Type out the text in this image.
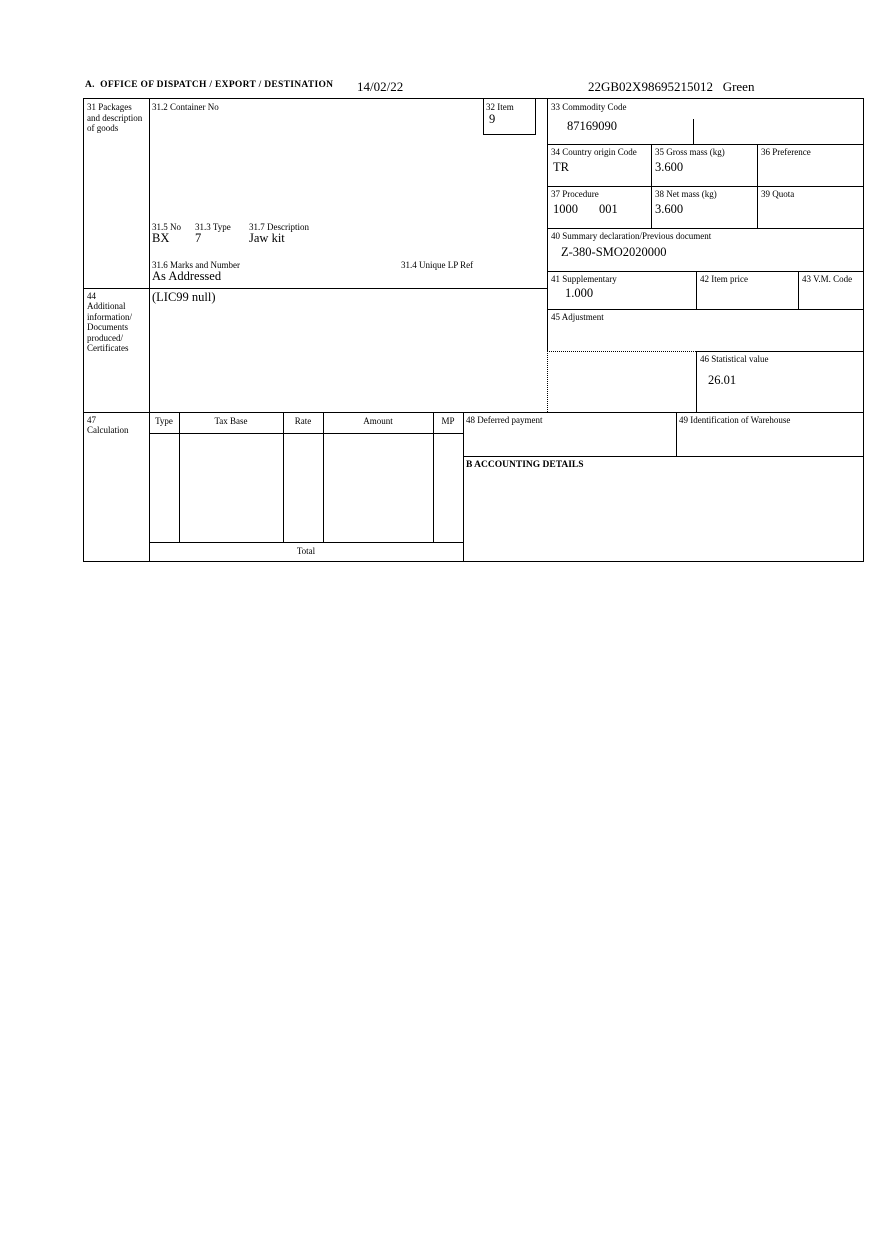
A.  OFFICE OF DISPATCH / EXPORT / DESTINATION 14/02/22	22GB02X98695215012   Green
31 Packages and description of goods
31.2 Container No	32 Item
9
33 Commodity Code
87169090
34 Country origin Code
TR
35 Gross mass (kg)
3.600
36 Preference
37 Procedure
1000 001
38 Net mass (kg)
3.600
39 Quota
40 Summary declaration/Previous document
Z-380-SMO2020000
41 Supplementary
1.000
42 Item price	43 V.M. Code
45 Adjustment
46 Statistical value
26.01
31.5 No 31.3 Type 31.7 Description
BX 7	Jaw kit
31.6 Marks and Number	31.4 Unique LP Ref
As Addressed
44
Additional information/ Documents produced/ Certificates
(LIC99 null)
47
Calculation
Type	Tax Base	Rate	Amount	MP
Total
48 Deferred payment	49 Identification of Warehouse
B ACCOUNTING DETAILS
